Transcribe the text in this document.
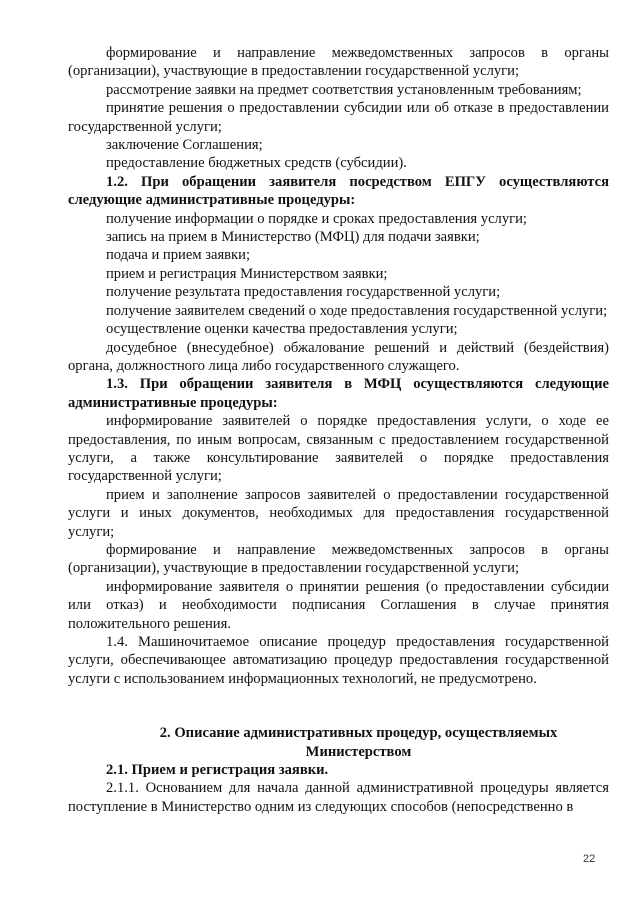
формирование и направление межведомственных запросов в органы (организации), участвующие в предоставлении государственной услуги;

рассмотрение заявки на предмет соответствия установленным требованиям;

принятие решения о предоставлении субсидии или об отказе в предоставлении государственной услуги;

заключение Соглашения;

предоставление бюджетных средств (субсидии).

1.2. При обращении заявителя посредством ЕПГУ осуществляются следующие административные процедуры:

получение информации о порядке и сроках предоставления услуги;

запись на прием в Министерство (МФЦ) для подачи заявки;

подача и прием заявки;

прием и регистрация Министерством заявки;

получение результата предоставления государственной услуги;

получение заявителем сведений о ходе предоставления государственной услуги;

осуществление оценки качества предоставления услуги;

досудебное (внесудебное) обжалование решений и действий (бездействия) органа, должностного лица либо государственного служащего.

1.3. При обращении заявителя в МФЦ осуществляются следующие административные процедуры:

информирование заявителей о порядке предоставления услуги, о ходе ее предоставления, по иным вопросам, связанным с предоставлением государственной услуги, а также консультирование заявителей о порядке предоставления государственной услуги;

прием и заполнение запросов заявителей о предоставлении государственной услуги и иных документов, необходимых для предоставления государственной услуги;

формирование и направление межведомственных запросов в органы (организации), участвующие в предоставлении государственной услуги;

информирование заявителя о принятии решения (о предоставлении субсидии или отказ) и необходимости подписания Соглашения в случае принятия положительного решения.

1.4. Машиночитаемое описание процедур предоставления государственной услуги, обеспечивающее автоматизацию процедур предоставления государственной услуги с использованием информационных технологий, не предусмотрено.

2. Описание административных процедур, осуществляемых Министерством

2.1. Прием и регистрация заявки.

2.1.1. Основанием для начала данной административной процедуры является поступление в Министерство одним из следующих способов (непосредственно в

22
